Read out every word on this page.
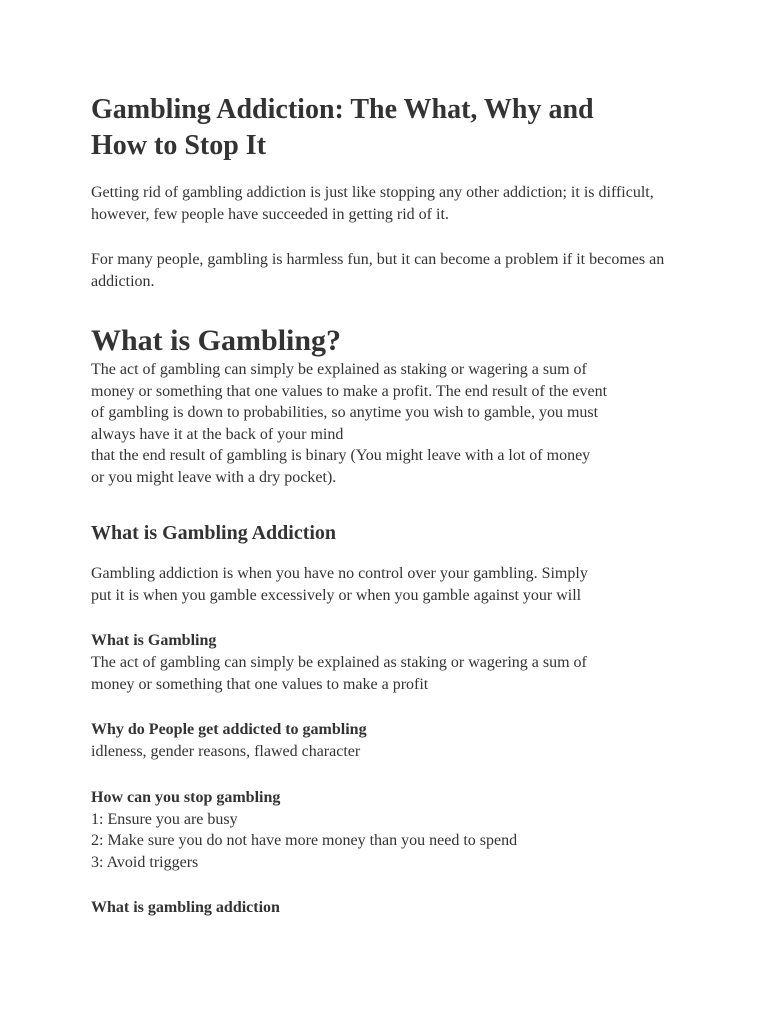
Gambling Addiction: The What, Why and
How to Stop It

Getting rid of gambling addiction is just like stopping any other addiction; it is difficult, however, few people have succeeded in getting rid of it.

For many people, gambling is harmless fun, but it can become a problem if it becomes an addiction.

What is Gambling?

The act of gambling can simply be explained as staking or wagering a sum of
money or something that one values to make a profit. The end result of the event
of gambling is down to probabilities, so anytime you wish to gamble, you must
always have it at the back of your mind
that the end result of gambling is binary (You might leave with a lot of money
or you might leave with a dry pocket).

What is Gambling Addiction

Gambling addiction is when you have no control over your gambling. Simply
put it is when you gamble excessively or when you gamble against your will

What is Gambling

The act of gambling can simply be explained as staking or wagering a sum of
money or something that one values to make a profit

Why do People get addicted to gambling

idleness, gender reasons, flawed character

How can you stop gambling

1: Ensure you are busy
2: Make sure you do not have more money than you need to spend
3: Avoid triggers

What is gambling addiction
